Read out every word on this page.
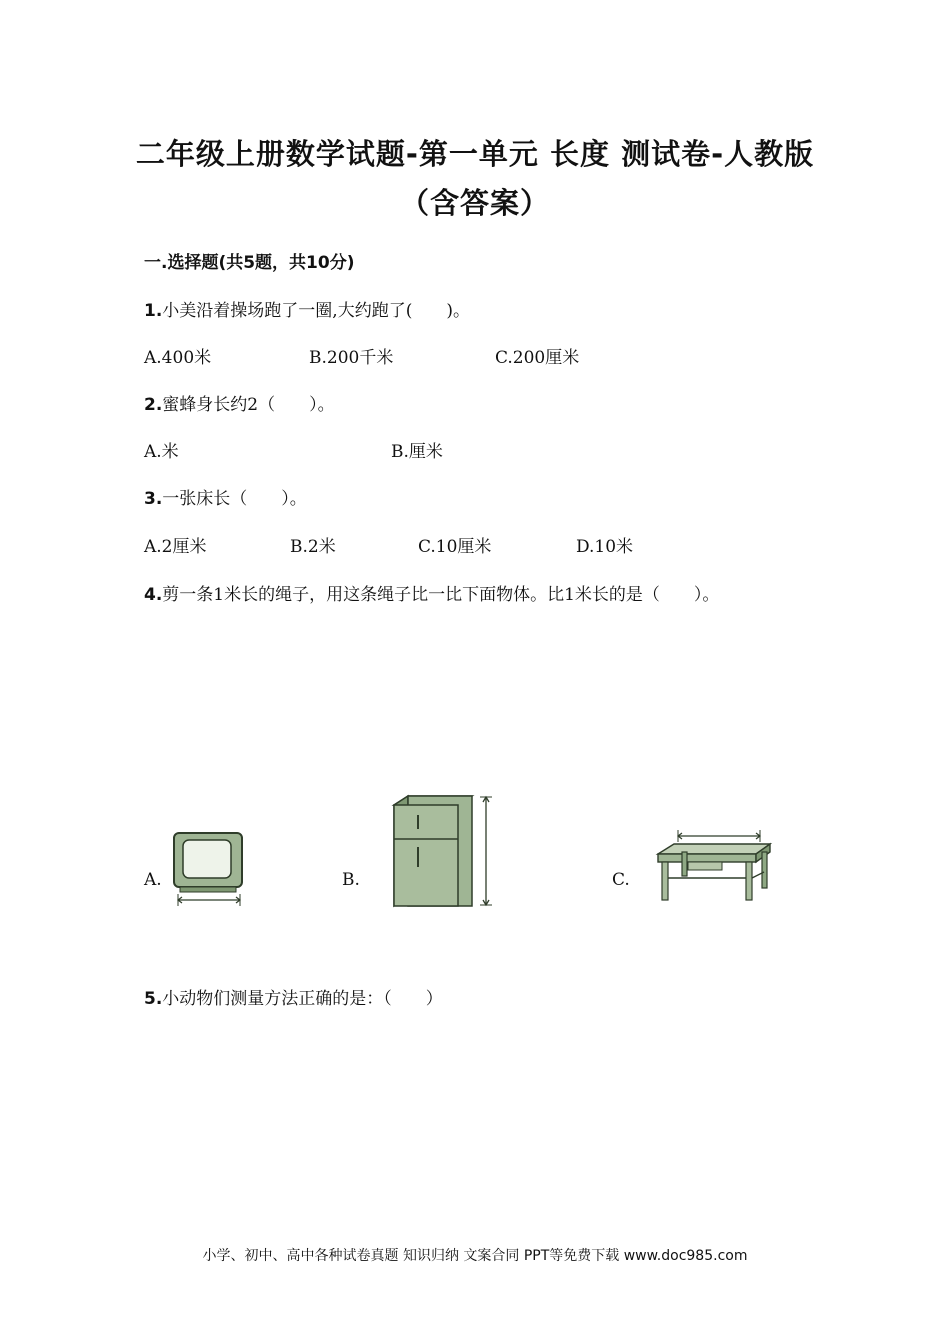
二年级上册数学试题-第一单元 长度 测试卷-人教版
（含答案）
一.选择题(共5题，共10分)
1.小美沿着操场跑了一圈,大约跑了(　　)。
A.400米	B.200千米	C.200厘米
2.蜜蜂身长约2（　　）。
A.米	B.厘米
3.一张床长（　　）。
A.2厘米	B.2米	C.10厘米	D.10米
4.剪一条1米长的绳子，用这条绳子比一比下面物体。比1米长的是（　　）。
A.	B.	C.
5.小动物们测量方法正确的是：（　　）
小学、初中、高中各种试卷真题 知识归纳 文案合同 PPT等免费下载 www.doc985.com
